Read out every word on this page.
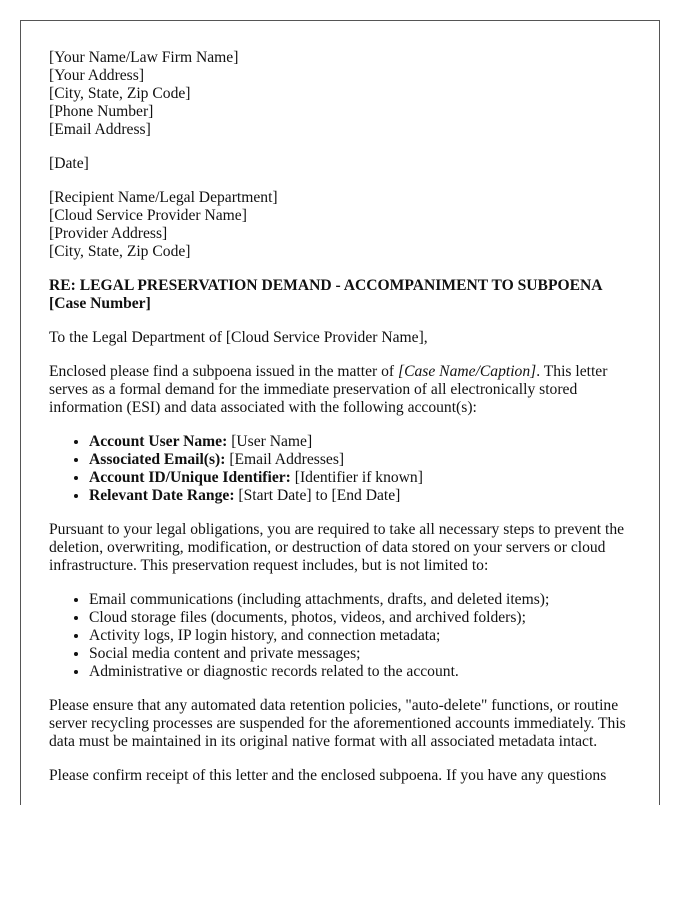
[Your Name/Law Firm Name]

[Your Address]

[City, State, Zip Code]

[Phone Number]

[Email Address]

[Date]

[Recipient Name/Legal Department]

[Cloud Service Provider Name]

[Provider Address]

[City, State, Zip Code]

RE: LEGAL PRESERVATION DEMAND - ACCOMPANIMENT TO SUBPOENA [Case Number]

To the Legal Department of [Cloud Service Provider Name],

Enclosed please find a subpoena issued in the matter of [Case Name/Caption]. This letter serves as a formal demand for the immediate preservation of all electronically stored information (ESI) and data associated with the following account(s):

• Account User Name: [User Name]
• Associated Email(s): [Email Addresses]
• Account ID/Unique Identifier: [Identifier if known]
• Relevant Date Range: [Start Date] to [End Date]

Pursuant to your legal obligations, you are required to take all necessary steps to prevent the deletion, overwriting, modification, or destruction of data stored on your servers or cloud infrastructure. This preservation request includes, but is not limited to:

• Email communications (including attachments, drafts, and deleted items);
• Cloud storage files (documents, photos, videos, and archived folders);
• Activity logs, IP login history, and connection metadata;
• Social media content and private messages;
• Administrative or diagnostic records related to the account.

Please ensure that any automated data retention policies, "auto-delete" functions, or routine server recycling processes are suspended for the aforementioned accounts immediately. This data must be maintained in its original native format with all associated metadata intact.

Please confirm receipt of this letter and the enclosed subpoena. If you have any questions
